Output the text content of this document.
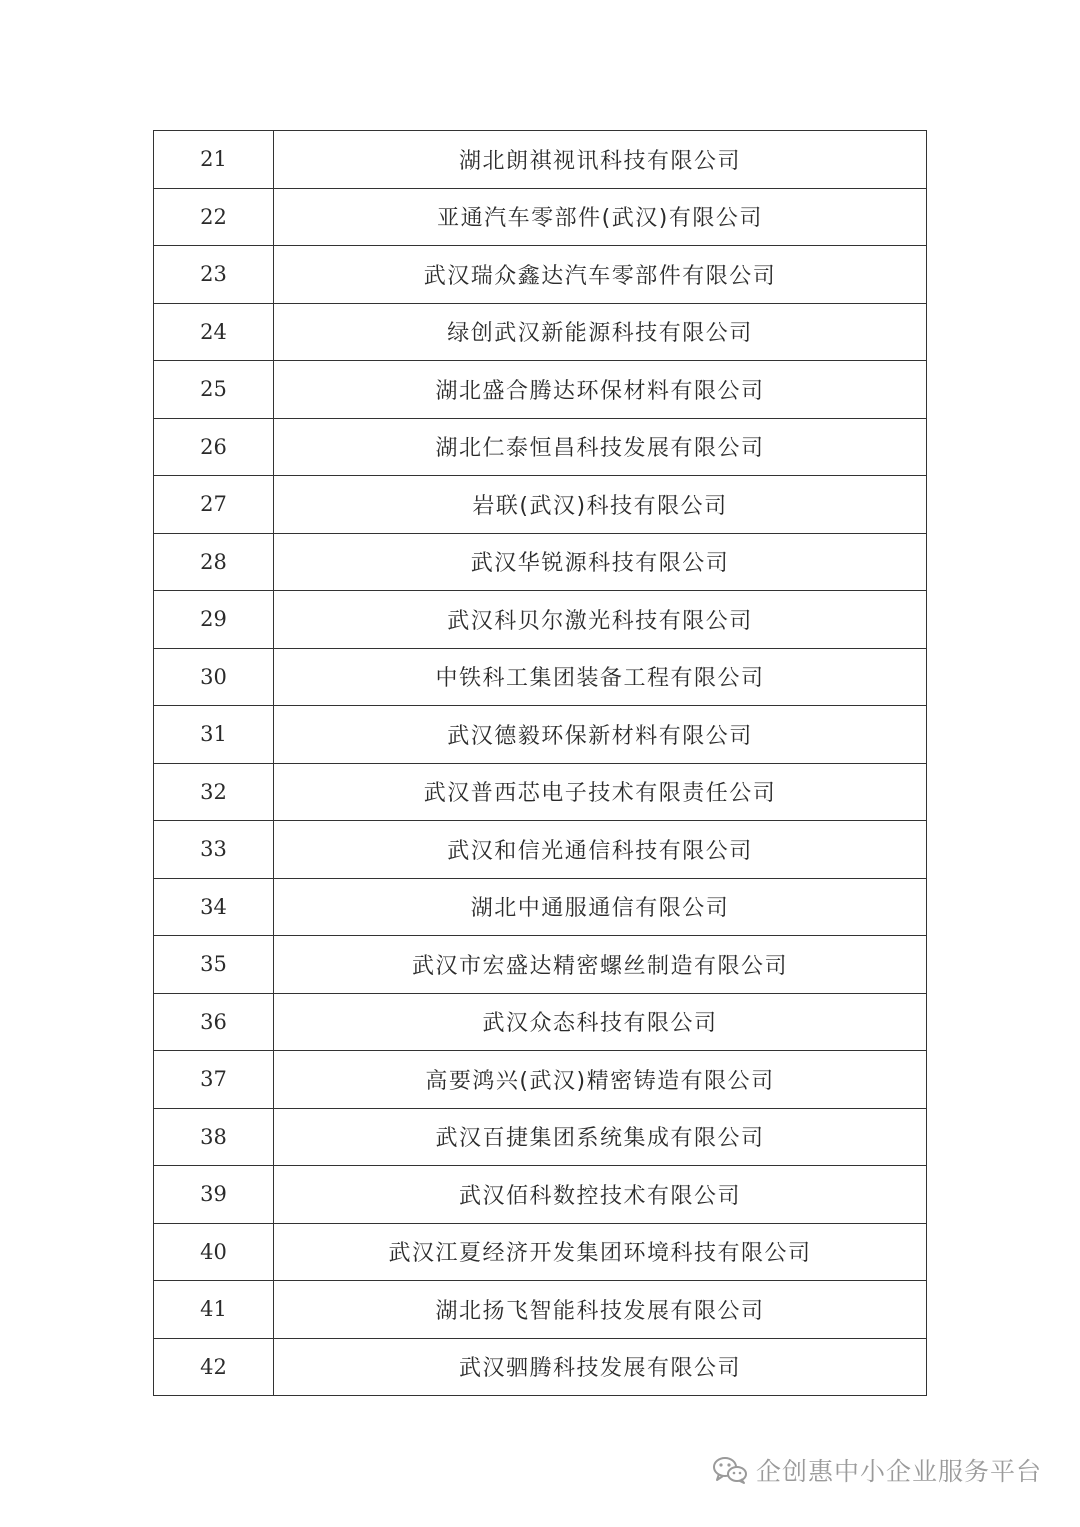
21	湖北朗祺视讯科技有限公司
22	亚通汽车零部件(武汉)有限公司
23	武汉瑞众鑫达汽车零部件有限公司
24	绿创武汉新能源科技有限公司
25	湖北盛合腾达环保材料有限公司
26	湖北仁泰恒昌科技发展有限公司
27	岩联(武汉)科技有限公司
28	武汉华锐源科技有限公司
29	武汉科贝尔激光科技有限公司
30	中铁科工集团装备工程有限公司
31	武汉德毅环保新材料有限公司
32	武汉普西芯电子技术有限责任公司
33	武汉和信光通信科技有限公司
34	湖北中通服通信有限公司
35	武汉市宏盛达精密螺丝制造有限公司
36	武汉众态科技有限公司
37	高要鸿兴(武汉)精密铸造有限公司
38	武汉百捷集团系统集成有限公司
39	武汉佰科数控技术有限公司
40	武汉江夏经济开发集团环境科技有限公司
41	湖北扬飞智能科技发展有限公司
42	武汉驷腾科技发展有限公司
企创惠中小企业服务平台
